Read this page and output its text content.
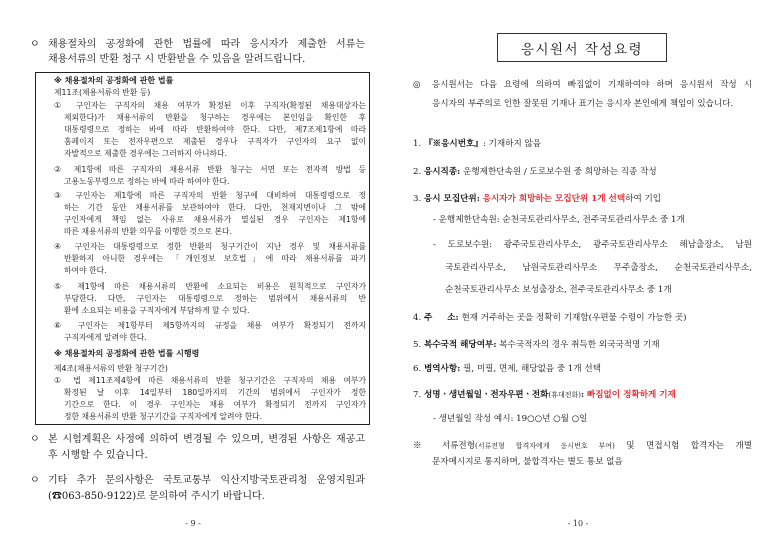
ㅇ 채용절차의 공정화에 관한 법률에 따라 응시자가 제출한 서류는
채용서류의 반환 청구 시 반환받을 수 있음을 알려드립니다.
※ 채용절차의 공정화에 관한 법률
제11조(채용서류의 반환 등)
① 구인자는 구직자의 채용 여부가 확정된 이후 구직자(확정된 채용대상자는
제외한다)가 채용서류의 반환을 청구하는 경우에는 본인임을 확인한 후
대통령령으로 정하는 바에 따라 반환하여야 한다. 다만, 제7조제1항에 따라
홈페이지 또는 전자우편으로 제출된 경우나 구직자가 구인자의 요구 없이
자발적으로 제출한 경우에는 그러하지 아니하다.
② 제1항에 따른 구직자의 채용서류 반환 청구는 서면 또는 전자적 방법 등
고용노동부령으로 정하는 바에 따라 하여야 한다.
③ 구인자는 제1항에 따른 구직자의 반환 청구에 대비하여 대통령령으로 정
하는 기간 동안 채용서류를 보관하여야 한다. 다만, 천재지변이나 그 밖에
구인자에게 책임 없는 사유로 채용서류가 멸실된 경우 구인자는 제1항에
따른 채용서류의 반환 의무를 이행한 것으로 본다.
④ 구인자는 대통령령으로 정한 반환의 청구기간이 지난 경우 및 채용서류를
반환하지 아니한 경우에는 「개인정보 보호법」에 따라 채용서류를 파기
하여야 한다.
⑤ 제1항에 따른 채용서류의 반환에 소요되는 비용은 원칙적으로 구인자가
부담한다. 다만, 구인자는 대통령령으로 정하는 범위에서 채용서류의 반
환에 소요되는 비용을 구직자에게 부담하게 할 수 있다.
⑥ 구인자는 제1항부터 제5항까지의 규정을 채용 여부가 확정되기 전까지
구직자에게 알려야 한다.
※ 채용절차의 공정화에 관한 법률 시행령
제4조(채용서류의 반환 청구기간)
① 법 제11조제4항에 따른 채용서류의 반환 청구기간은 구직자의 채용 여부가
확정된 날 이후 14일부터 180일까지의 기간의 범위에서 구인자가 정한
기간으로 한다. 이 경우 구인자는 채용 여부가 확정되기 전까지 구인자가
정한 채용서류의 반환 청구기간을 구직자에게 알려야 한다.
ㅇ 본 시험계획은 사정에 의하여 변경될 수 있으며, 변경된 사항은 재공고
후 시행할 수 있습니다.
ㅇ 기타 추가 문의사항은 국토교통부 익산지방국토관리청 운영지원과
(☎063-850-9122)로 문의하여 주시기 바랍니다.
- 9 -
응시원서 작성요령
◎ 응시원서는 다음 요령에 의하여 빠짐없이 기재하여야 하며 응시원서 작성 시
응시자의 부주의로 인한 잘못된 기재나 표기는 응시자 본인에게 책임이 있습니다.
1. 『※응시번호』: 기재하지 않음
2. 응시직종: 운행제한단속원 / 도로보수원 중 희망하는 직종 작성
3. 응시 모집단위: 응시자가 희망하는 모집단위 1개 선택하여 기입
- 운행제한단속원: 순천국토관리사무소, 전주국토관리사무소 중 1개
- 도로보수원: 광주국토관리사무소, 광주국토관리사무소 해남출장소, 남원
국토관리사무소, 남원국토관리사무소 무주출장소, 순천국토관리사무소,
순천국토관리사무소 보성출장소, 전주국토관리사무소 중 1개
4. 주 소: 현재 거주하는 곳을 정확히 기재함(우편물 수령이 가능한 곳)
5. 복수국적 해당여부: 복수국적자의 경우 취득한 외국국적명 기재
6. 병역사항: 필, 미필, 면제, 해당없음 중 1개 선택
7. 성명ㆍ생년월일ㆍ전자우편ㆍ전화(휴대전화): 빠짐없이 정확하게 기재
- 생년월일 작성 예시: 19○○년 ○월 ○일
※ 서류전형(서류전형 합격자에게 응시번호 부여) 및 면접시험 합격자는 개별
문자메시지로 통지하며, 불합격자는 별도 통보 없음
- 10 -
